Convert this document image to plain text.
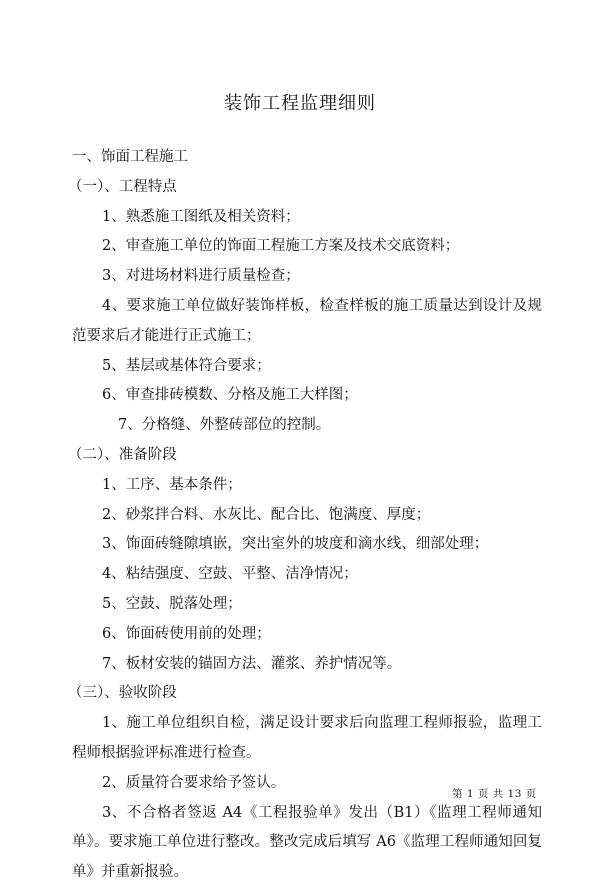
装饰工程监理细则
一、饰面工程施工
（一）、工程特点
1、熟悉施工图纸及相关资料；
2、审查施工单位的饰面工程施工方案及技术交底资料；
3、对进场材料进行质量检查；
4、要求施工单位做好装饰样板，检查样板的施工质量达到设计及规范要求后才能进行正式施工；
5、基层或基体符合要求；
6、审查排砖模数、分格及施工大样图；
7、分格缝、外整砖部位的控制。
（二）、准备阶段
1、工序、基本条件；
2、砂浆拌合料、水灰比、配合比、饱满度、厚度；
3、饰面砖缝隙填嵌，突出室外的坡度和滴水线、细部处理；
4、粘结强度、空鼓、平整、洁净情况；
5、空鼓、脱落处理；
6、饰面砖使用前的处理；
7、板材安装的锚固方法、灌浆、养护情况等。
（三）、验收阶段
1、施工单位组织自检，满足设计要求后向监理工程师报验，监理工程师根据验评标准进行检查。
2、质量符合要求给予签认。
3、不合格者签返 A4《工程报验单》发出（B1）《监理工程师通知单》。要求施工单位进行整改。整改完成后填写 A6《监理工程师通知回复单》并重新报验。
第 1 页 共 13 页
